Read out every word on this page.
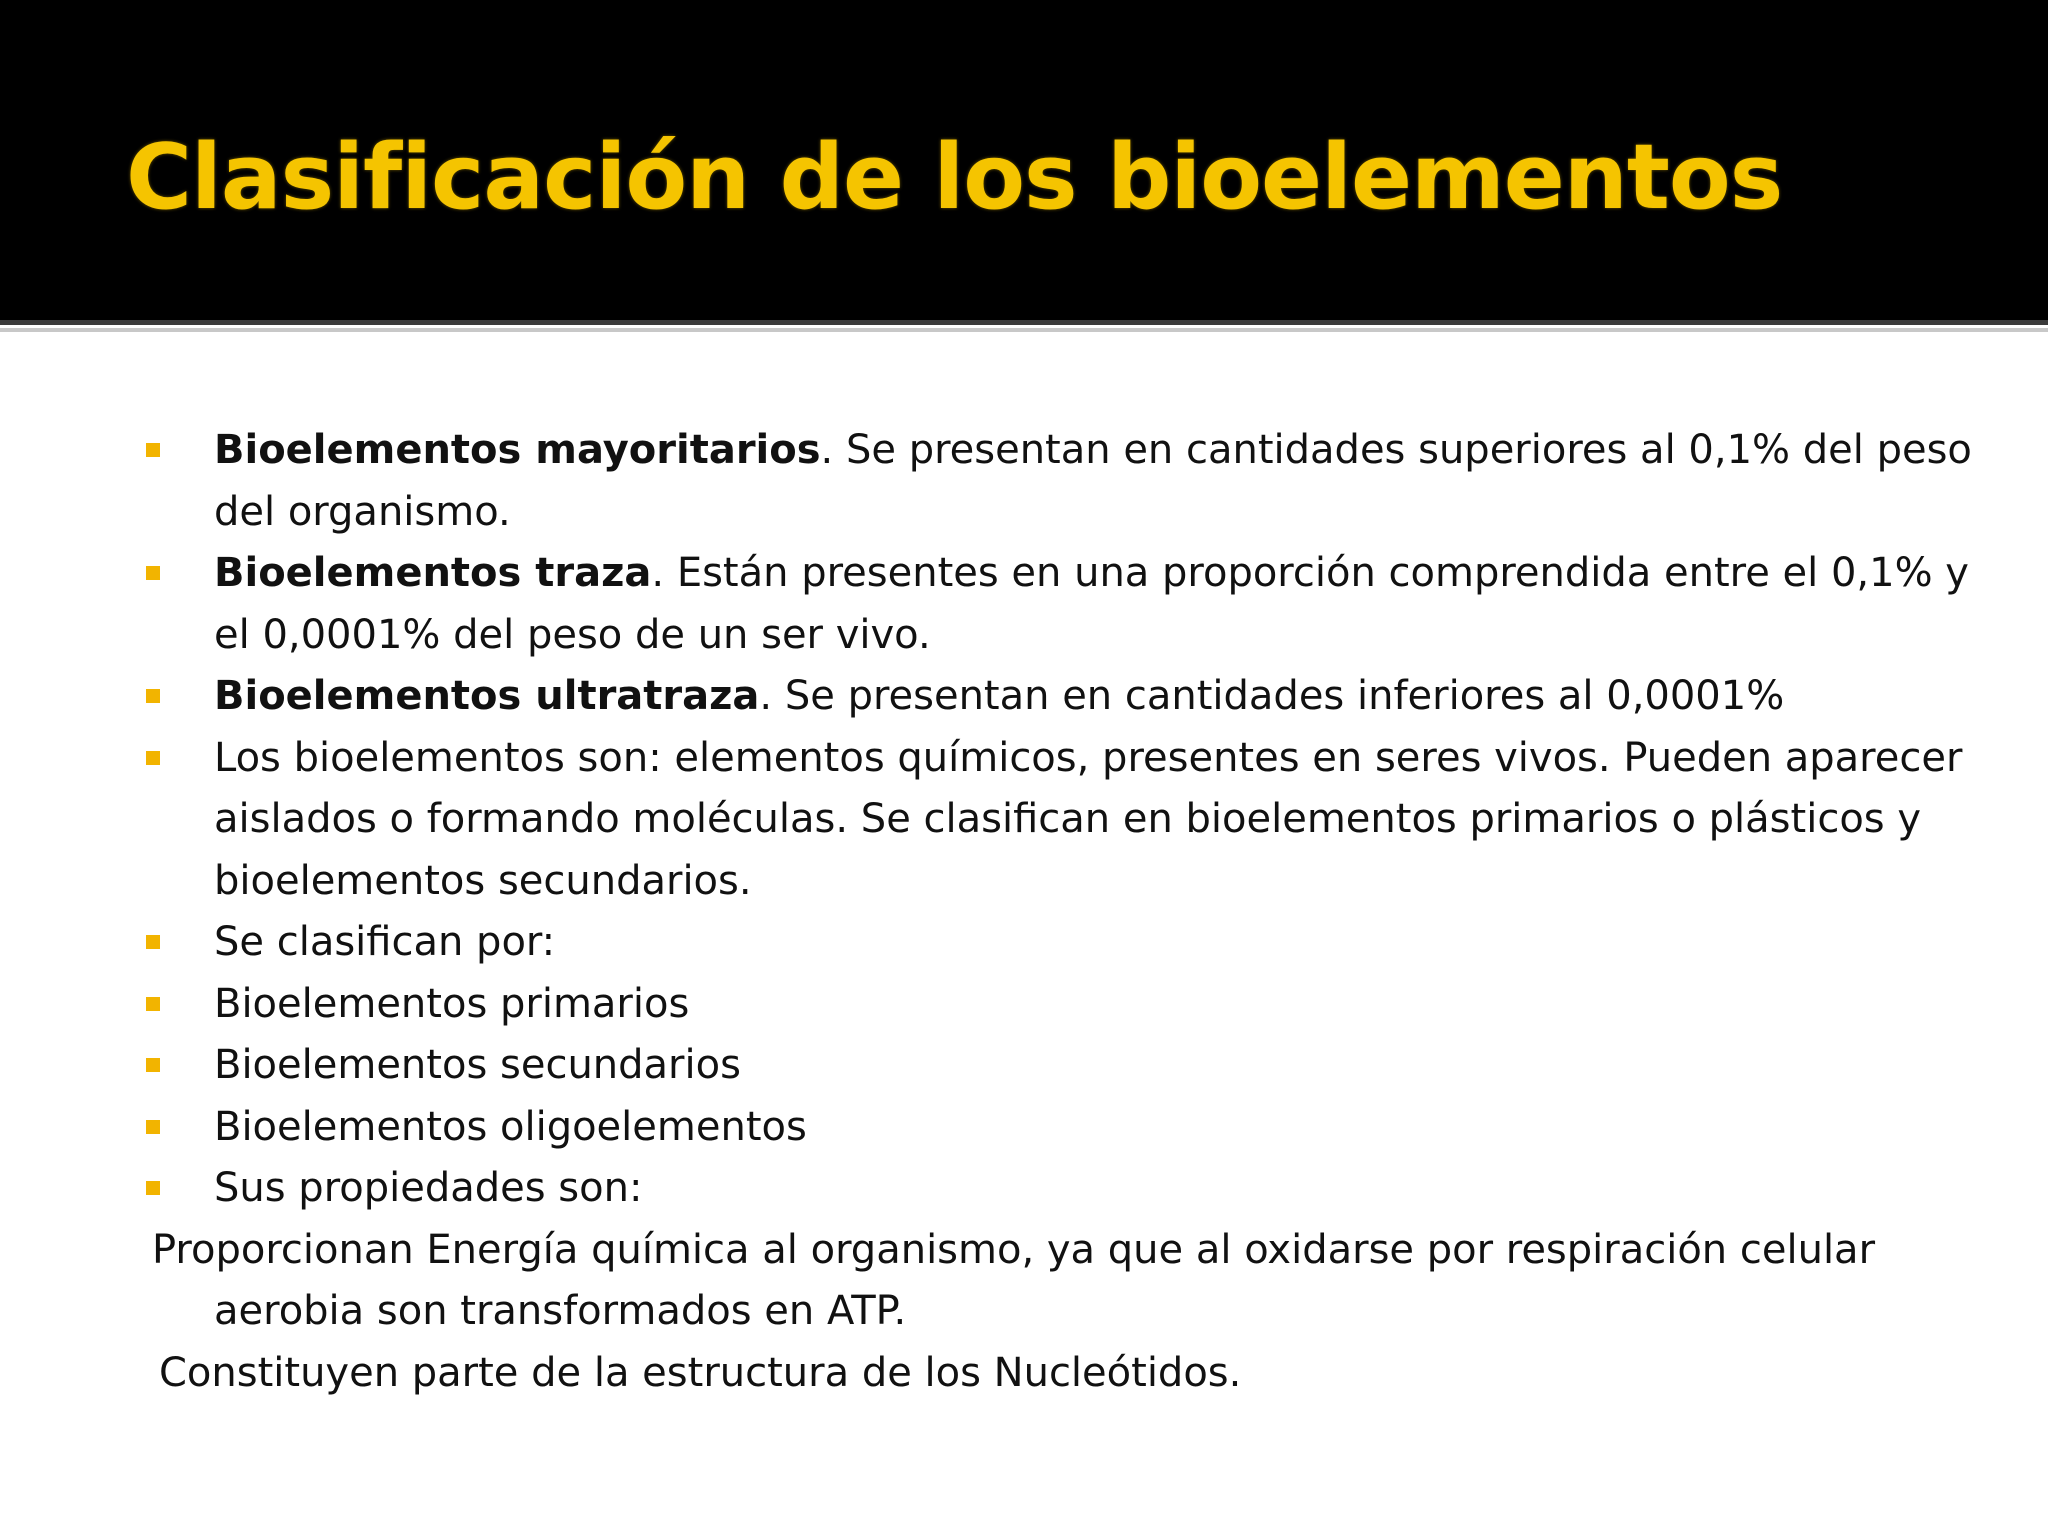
Clasificación de los bioelementos
Bioelementos mayoritarios. Se presentan en cantidades superiores al 0,1% del peso del organismo.
Bioelementos traza. Están presentes en una proporción comprendida entre el 0,1% y el 0,0001% del peso de un ser vivo.
Bioelementos ultratraza. Se presentan en cantidades inferiores al 0,0001%
Los bioelementos son: elementos químicos, presentes en seres vivos. Pueden aparecer aislados o formando moléculas. Se clasifican en bioelementos primarios o plásticos y bioelementos secundarios.
Se clasifican por:
Bioelementos primarios
Bioelementos secundarios
Bioelementos oligoelementos
Sus propiedades son:

Proporcionan Energía química al organismo, ya que al oxidarse por respiración celular aerobia son transformados en ATP.

Constituyen parte de la estructura de los Nucleótidos.
